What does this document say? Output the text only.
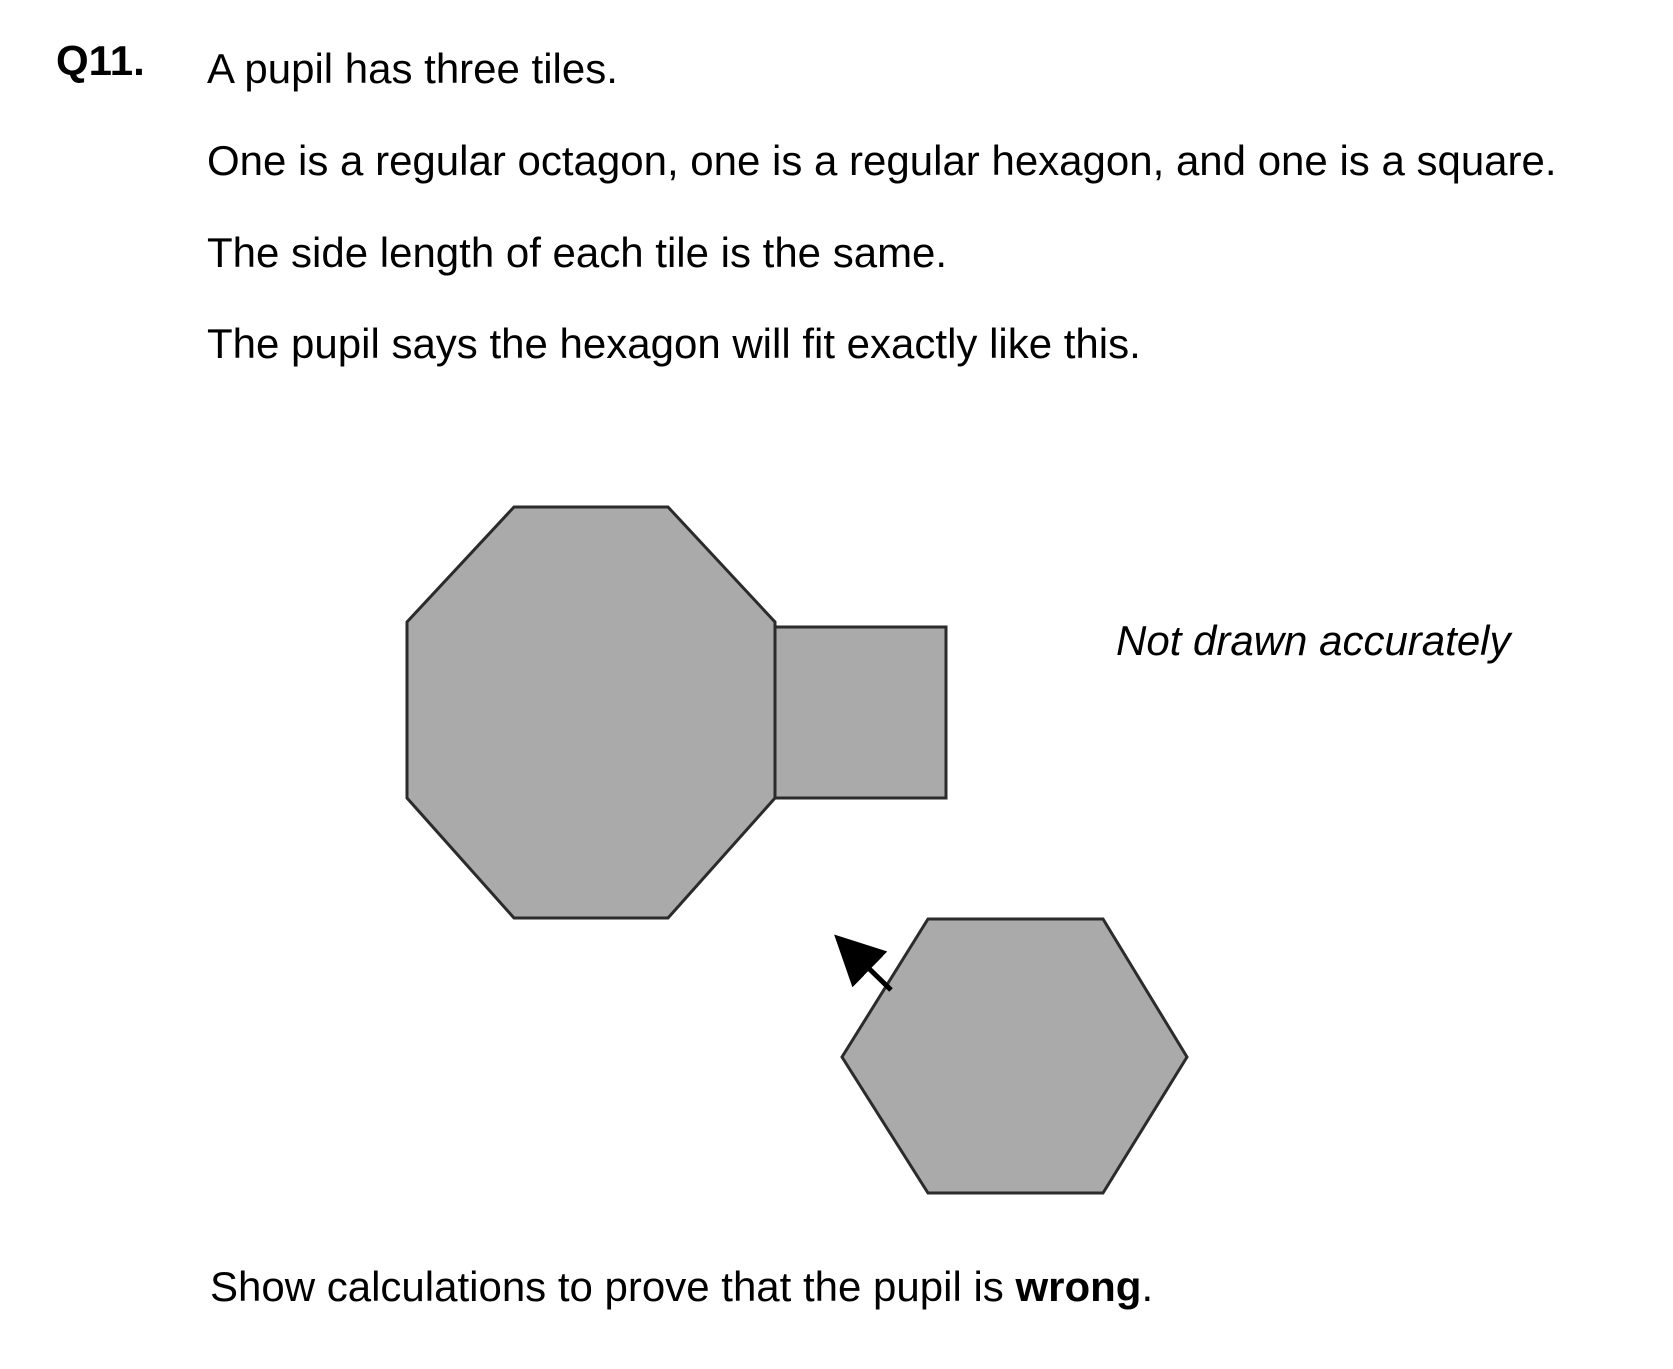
Q11. A pupil has three tiles.
One is a regular octagon, one is a regular hexagon, and one is a square.
The side length of each tile is the same.
The pupil says the hexagon will fit exactly like this.
Not drawn accurately
Show calculations to prove that the pupil is wrong.
